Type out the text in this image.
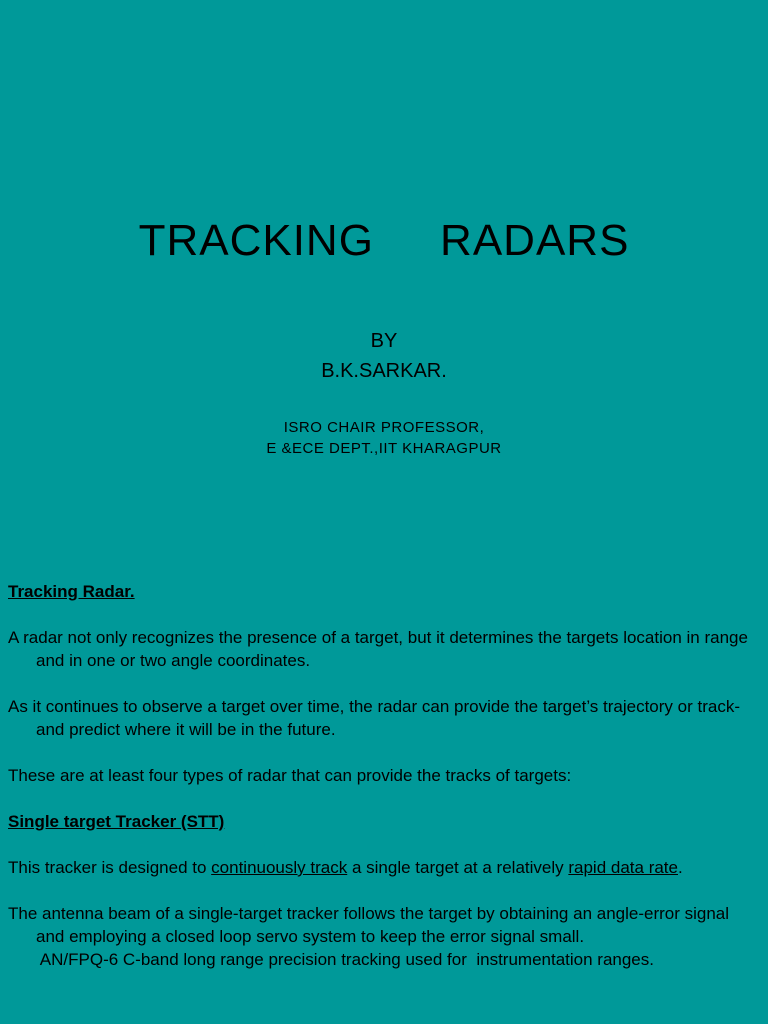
TRACKING     RADARS
BY
B.K.SARKAR.
ISRO CHAIR PROFESSOR,
E &ECE DEPT.,IIT KHARAGPUR

Tracking Radar.

A radar not only recognizes the presence of a target, but it determines the targets location in range and in one or two angle coordinates.

As it continues to observe a target over time, the radar can provide the target’s trajectory or track-and predict where it will be in the future.

These are at least four types of radar that can provide the tracks of targets:

Single target Tracker (STT)

This tracker is designed to continuously track a single target at a relatively rapid data rate.

The antenna beam of a single-target tracker follows the target by obtaining an angle-error signal and employing a closed loop servo system to keep the error signal small.
AN/FPQ-6 C-band long range precision tracking used for  instrumentation ranges.
